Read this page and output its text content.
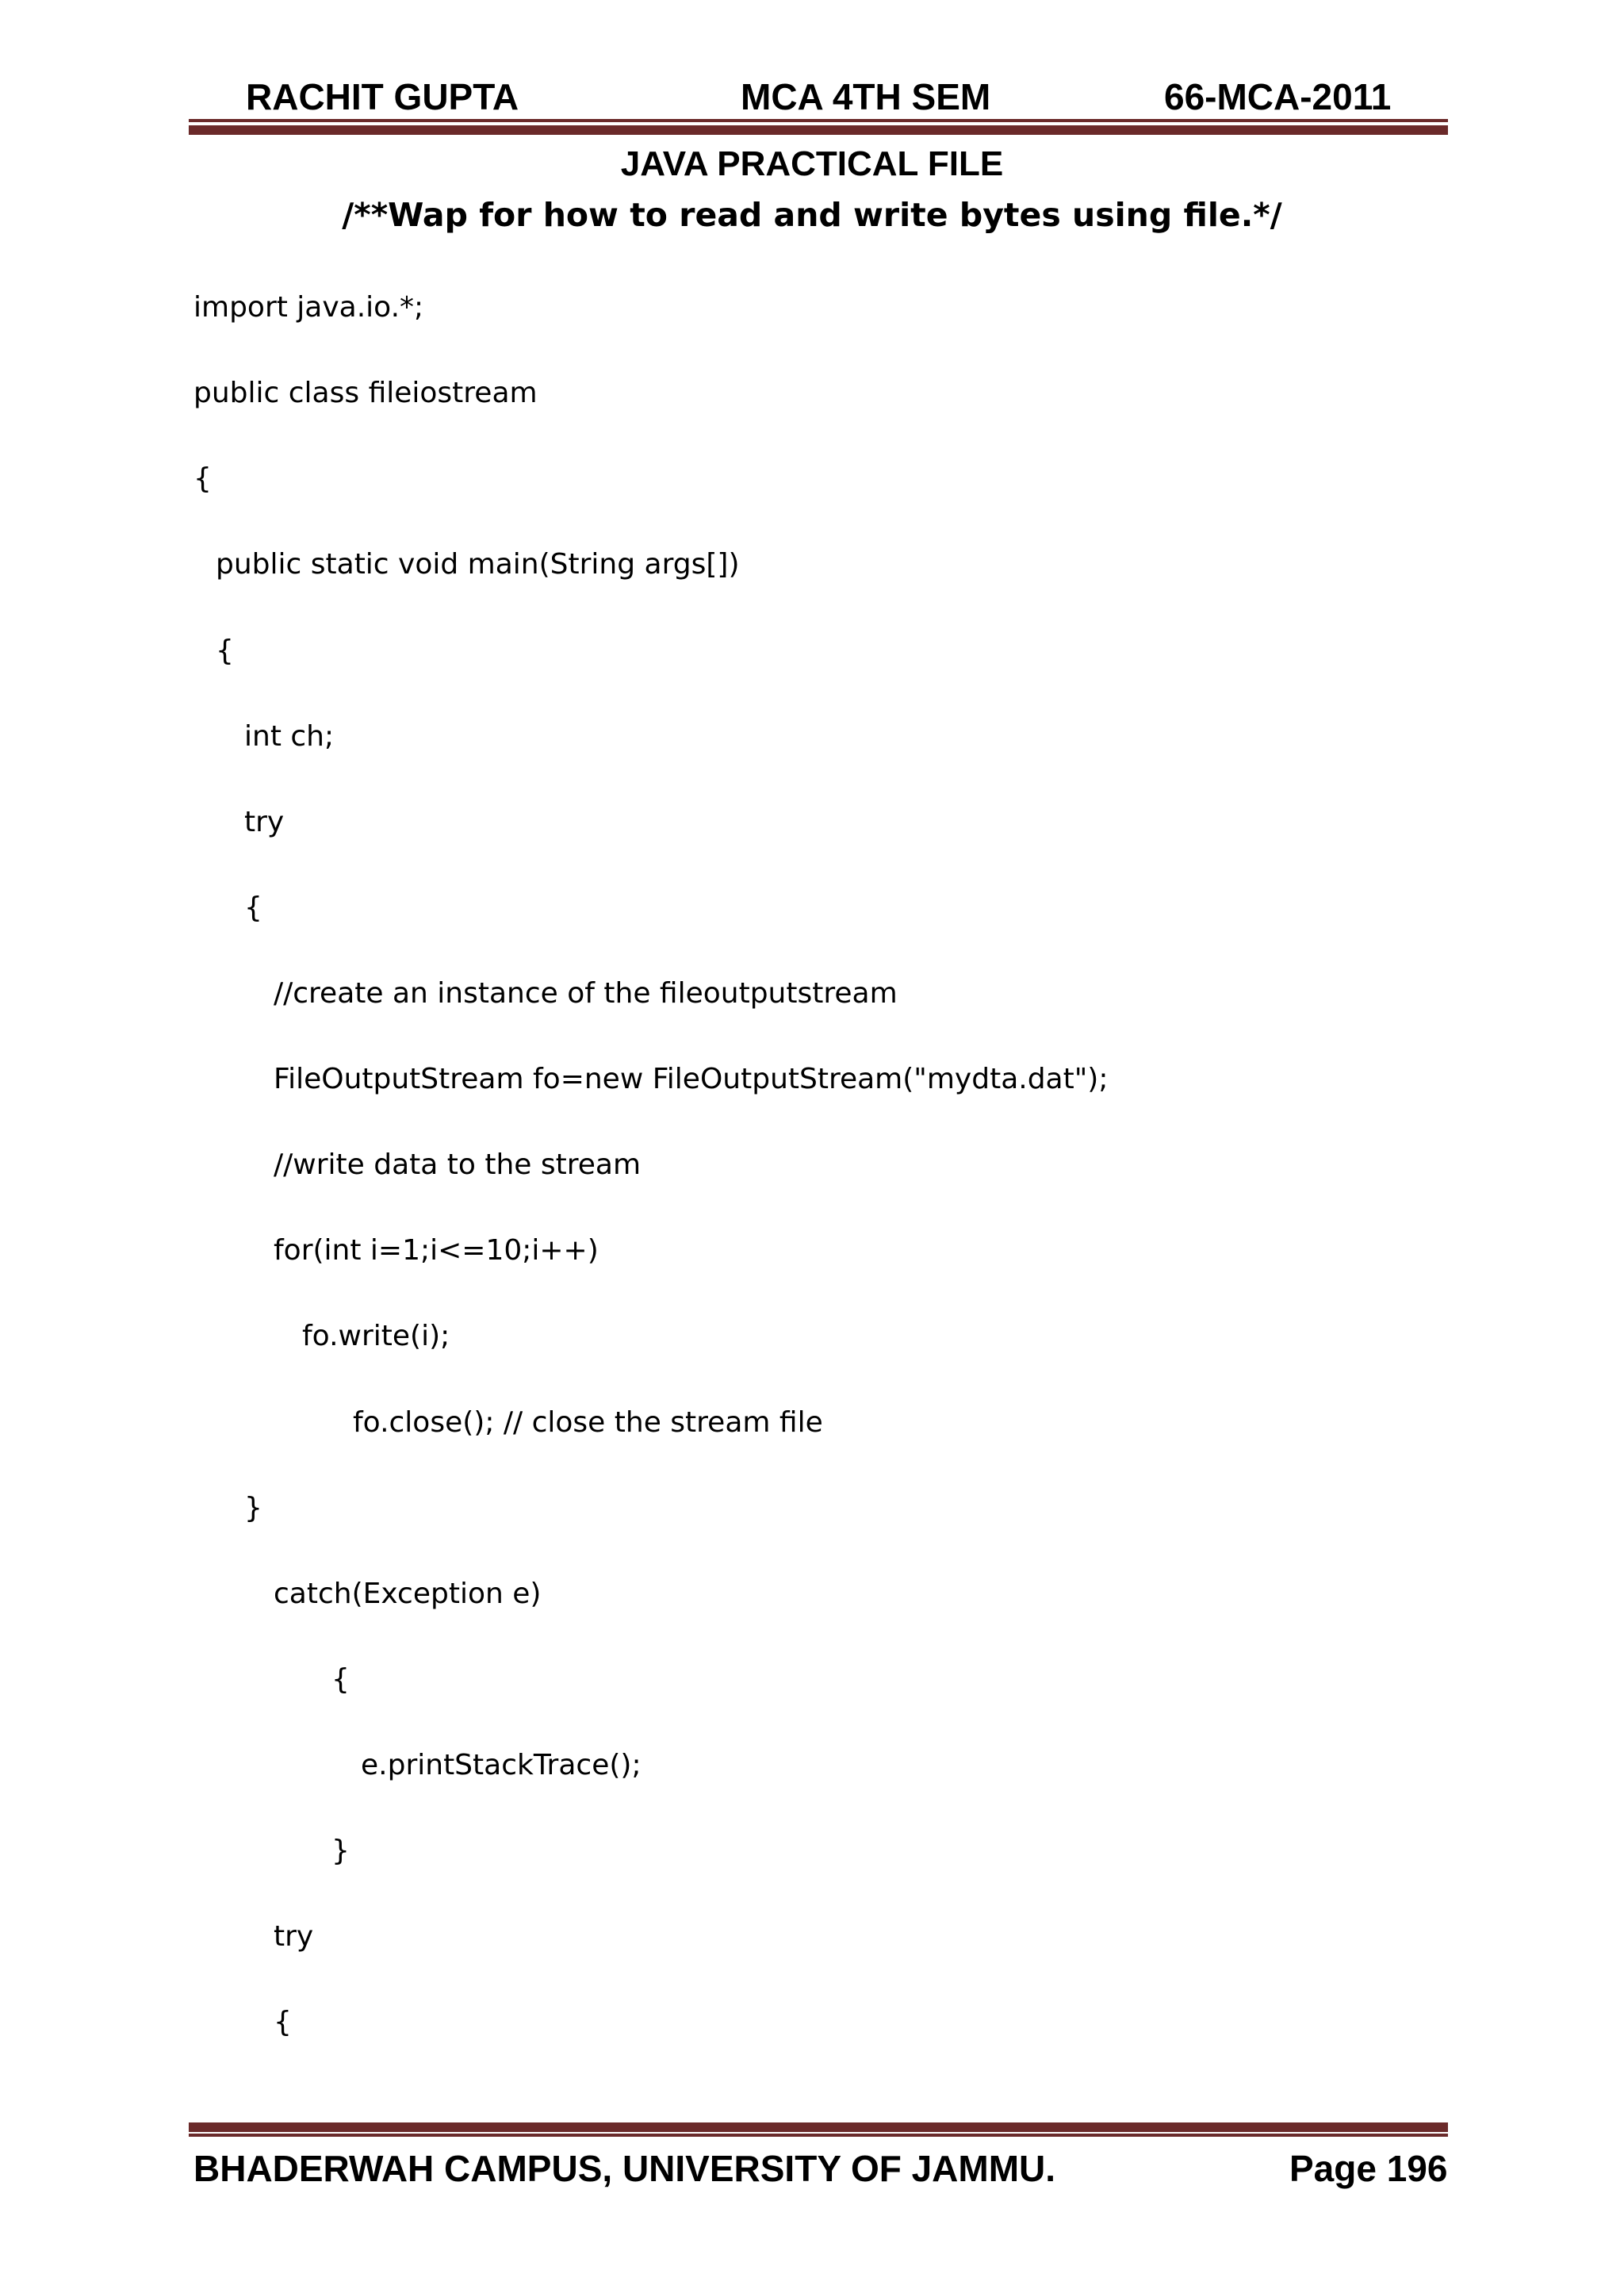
RACHIT GUPTA	MCA 4TH SEM	66-MCA-2011
JAVA PRACTICAL FILE
/**Wap for how to read and write bytes using file.*/
import java.io.*;
public class fileiostream
{
public static void main(String args[])
{
int ch;
try
{
//create an instance of the fileoutputstream
FileOutputStream fo=new FileOutputStream("mydta.dat");
//write data to the stream
for(int i=1;i<=10;i++)
fo.write(i);
fo.close(); // close the stream file
}
catch(Exception e)
{
e.printStackTrace();
}
try
{
BHADERWAH CAMPUS, UNIVERSITY OF JAMMU.	Page 196
